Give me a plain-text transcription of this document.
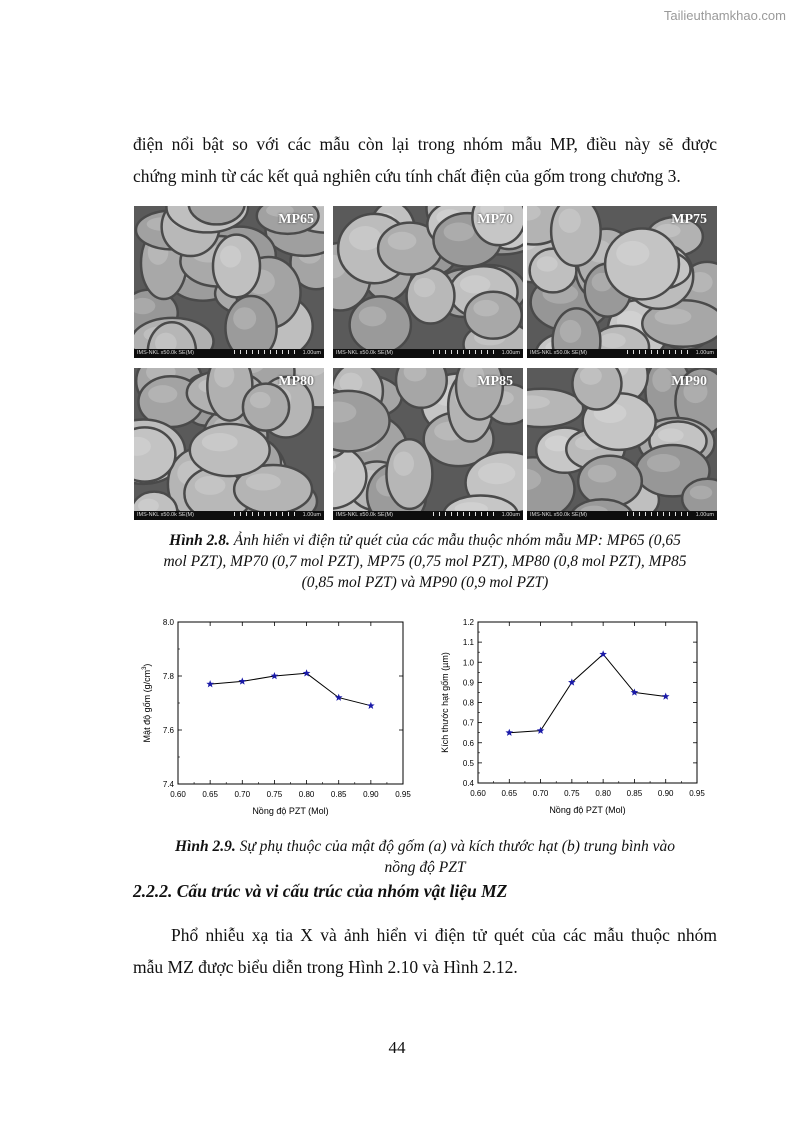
Tailieuthamkhao.com
điện nổi bật so với các mẫu còn lại trong nhóm mẫu MP, điều này sẽ được
chứng minh từ các kết quả nghiên cứu tính chất điện của gốm trong chương 3.
MP65
IMS-NKL x50.0k SE(M)	1.00um
MP70
IMS-NKL x50.0k SE(M)	1.00um
MP75
IMS-NKL x50.0k SE(M)	1.00um
MP80
IMS-NKL x50.0k SE(M)	1.00um
MP85
IMS-NKL x50.0k SE(M)	1.00um
MP90
IMS-NKL x50.0k SE(M)	1.00um
Hình 2.8. Ảnh hiển vi điện tử quét của các mẫu thuộc nhóm mẫu MP: MP65 (0,65
mol PZT), MP70 (0,7 mol PZT), MP75 (0,75 mol PZT), MP80 (0,8 mol PZT), MP85
(0,85 mol PZT) và MP90 (0,9 mol PZT)
0.60 0.65 0.70 0.75 0.80 0.85 0.90 0.95
7.4
7.6
7.8
8.0
Nồng độ PZT (Mol)
Mật độ gốm $(g/cm^3)$
0.60 0.65 0.70 0.75 0.80 0.85 0.90 0.95
0.4
0.5
0.6
0.7
0.8
0.9
1.0
1.1
1.2
Nồng độ PZT (Mol)
Kích thước hạt gốm (µm)
Hình 2.9. Sự phụ thuộc của mật độ gốm (a) và kích thước hạt (b) trung bình vào
nồng độ PZT
2.2.2. Cấu trúc và vi cấu trúc của nhóm vật liệu MZ
Phổ nhiễu xạ tia X và ảnh hiển vi điện tử quét của các mẫu thuộc nhóm
mẫu MZ được biểu diễn trong Hình 2.10 và Hình 2.12.
44
